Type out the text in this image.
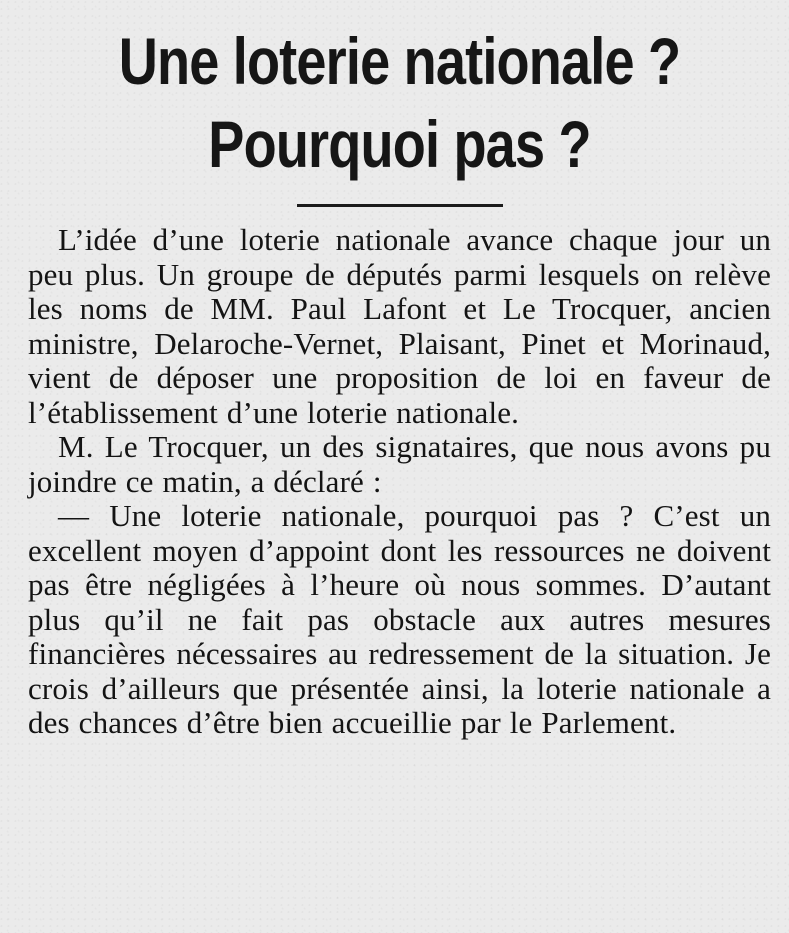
Une loterie nationale ?
Pourquoi pas ?

L’idée d’une loterie nationale avance chaque jour un peu plus. Un groupe de députés parmi lesquels on relève les noms de MM. Paul Lafont et Le Trocquer, ancien ministre, Delaroche-Vernet, Plaisant, Pinet et Morinaud, vient de déposer une proposition de loi en faveur de l’établissement d’une loterie nationale.

M. Le Trocquer, un des signataires, que nous avons pu joindre ce matin, a déclaré :

— Une loterie nationale, pourquoi pas ? C’est un excellent moyen d’appoint dont les ressources ne doivent pas être négligées à l’heure où nous sommes. D’autant plus qu’il ne fait pas obstacle aux autres mesures financières nécessaires au redressement de la situation. Je crois d’ailleurs que présentée ainsi, la loterie nationale a des chances d’être bien accueillie par le Parlement.
